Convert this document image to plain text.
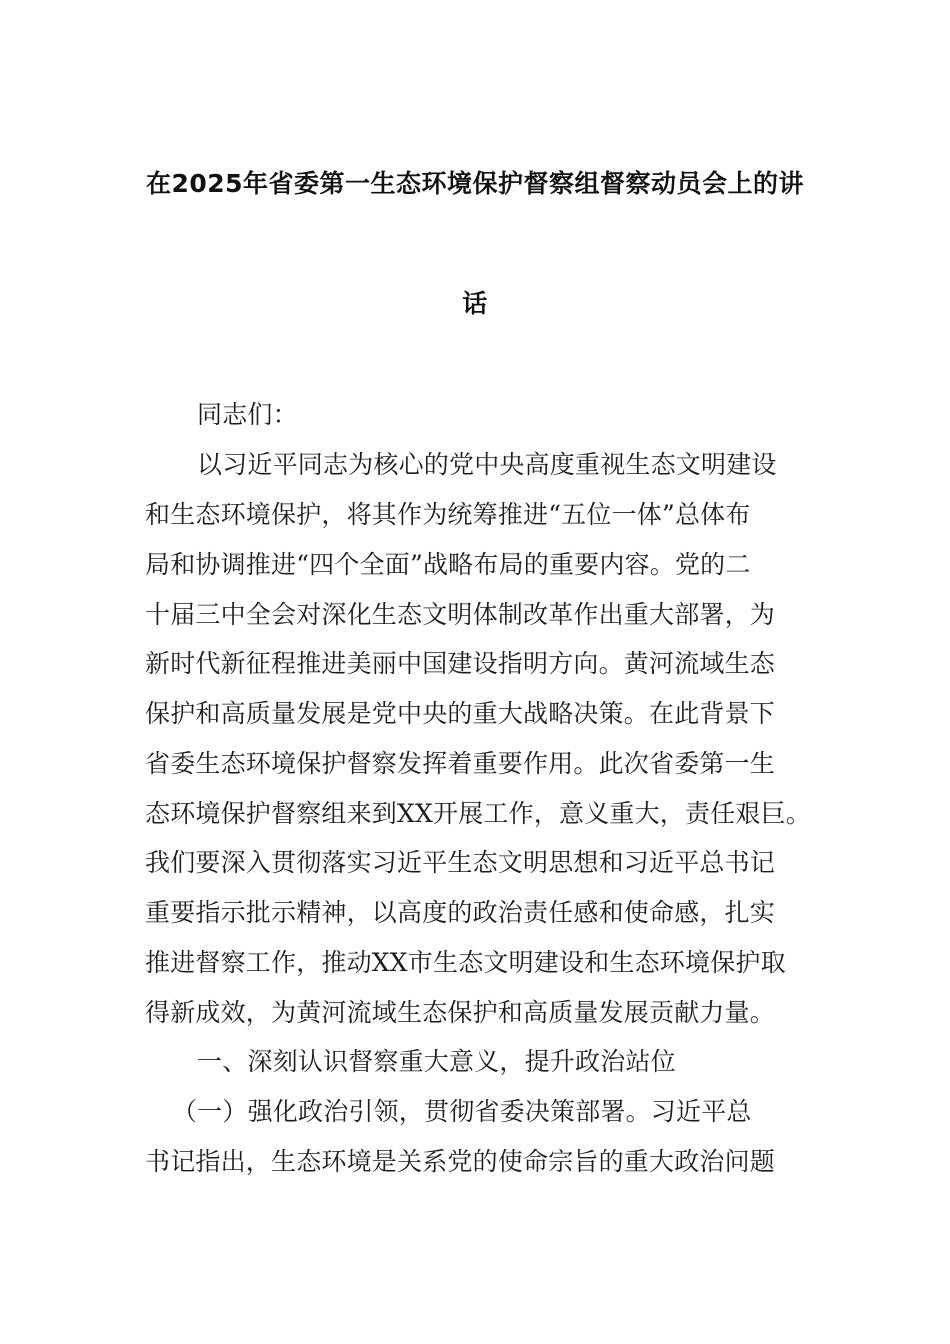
在2025年省委第一生态环境保护督察组督察动员会上的讲
话
同志们：
以习近平同志为核心的党中央高度重视生态文明建设
和生态环境保护，将其作为统筹推进“五位一体”总体布
局和协调推进“四个全面”战略布局的重要内容。党的二
十届三中全会对深化生态文明体制改革作出重大部署，为
新时代新征程推进美丽中国建设指明方向。黄河流域生态
保护和高质量发展是党中央的重大战略决策。在此背景下
省委生态环境保护督察发挥着重要作用。此次省委第一生
态环境保护督察组来到XX开展工作，意义重大，责任艰巨。
我们要深入贯彻落实习近平生态文明思想和习近平总书记
重要指示批示精神，以高度的政治责任感和使命感，扎实
推进督察工作，推动XX市生态文明建设和生态环境保护取
得新成效，为黄河流域生态保护和高质量发展贡献力量。
一、深刻认识督察重大意义，提升政治站位
（一）强化政治引领，贯彻省委决策部署。习近平总
书记指出，生态环境是关系党的使命宗旨的重大政治问题
